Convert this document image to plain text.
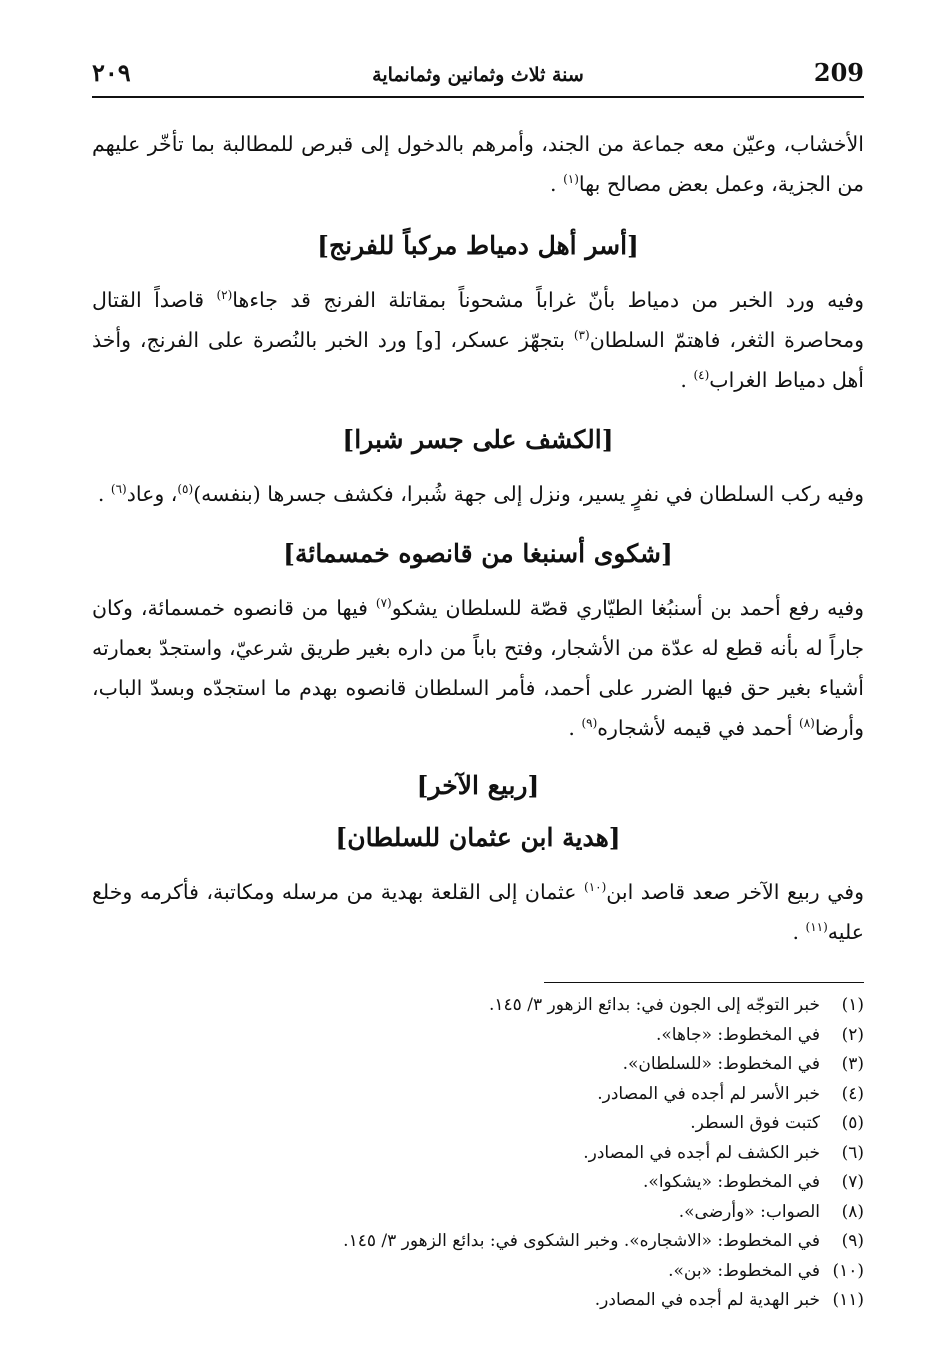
209
سنة ثلاث وثمانين وثمانماية
٢٠٩

الأخشاب، وعيّن معه جماعة من الجند، وأمرهم بالدخول إلى قبرص للمطالبة بما تأخّر عليهم من الجزية، وعمل بعض مصالح بها$^{(١)}$ .

[أسر أهل دمياط مركباً للفرنج]

وفيه ورد الخبر من دمياط بأنّ غراباً مشحوناً بمقاتلة الفرنج قد جاءها$^{(٢)}$ قاصداً القتال ومحاصرة الثغر، فاهتمّ السلطان$^{(٣)}$ بتجهّز عسكر، [و] ورد الخبر بالنُصرة على الفرنج، وأخذ أهل دمياط الغراب$^{(٤)}$ .

[الكشف على جسر شبرا]

وفيه ركب السلطان في نفرٍ يسير، ونزل إلى جهة شُبرا، فكشف جسرها (بنفسه)$^{(٥)}$، وعاد$^{(٦)}$ .

[شكوى أسنبغا من قانصوه خمسمائة]

وفيه رفع أحمد بن أسنبُغا الطيّاري قصّة للسلطان يشكو$^{(٧)}$ فيها من قانصوه خمسمائة، وكان جاراً له بأنه قطع له عدّة من الأشجار، وفتح باباً من داره بغير طريق شرعيّ، واستجدّ بعمارته أشياء بغير حق فيها الضرر على أحمد، فأمر السلطان قانصوه بهدم ما استجدّه وبسدّ الباب، وأرضا$^{(٨)}$ أحمد في قيمه لأشجاره$^{(٩)}$ .

[ربيع الآخر]

[هدية ابن عثمان للسلطان]

وفي ربيع الآخر صعد قاصد ابن$^{(١٠)}$ عثمان إلى القلعة بهدية من مرسله ومكاتبة، فأكرمه وخلع عليه$^{(١١)}$ .

(١)خبر التوجّه إلى الجون في: بدائع الزهور ٣/ ١٤٥.
(٢)في المخطوط: «جاها».
(٣)في المخطوط: «للسلطان».
(٤)خبر الأسر لم أجده في المصادر.
(٥)كتبت فوق السطر.
(٦)خبر الكشف لم أجده في المصادر.
(٧)في المخطوط: «يشكوا».
(٨)الصواب: «وأرضى».
(٩)في المخطوط: «الاشجاره». وخبر الشكوى في: بدائع الزهور ٣/ ١٤٥.
(١٠)في المخطوط: «بن».
(١١)خبر الهدية لم أجده في المصادر.
